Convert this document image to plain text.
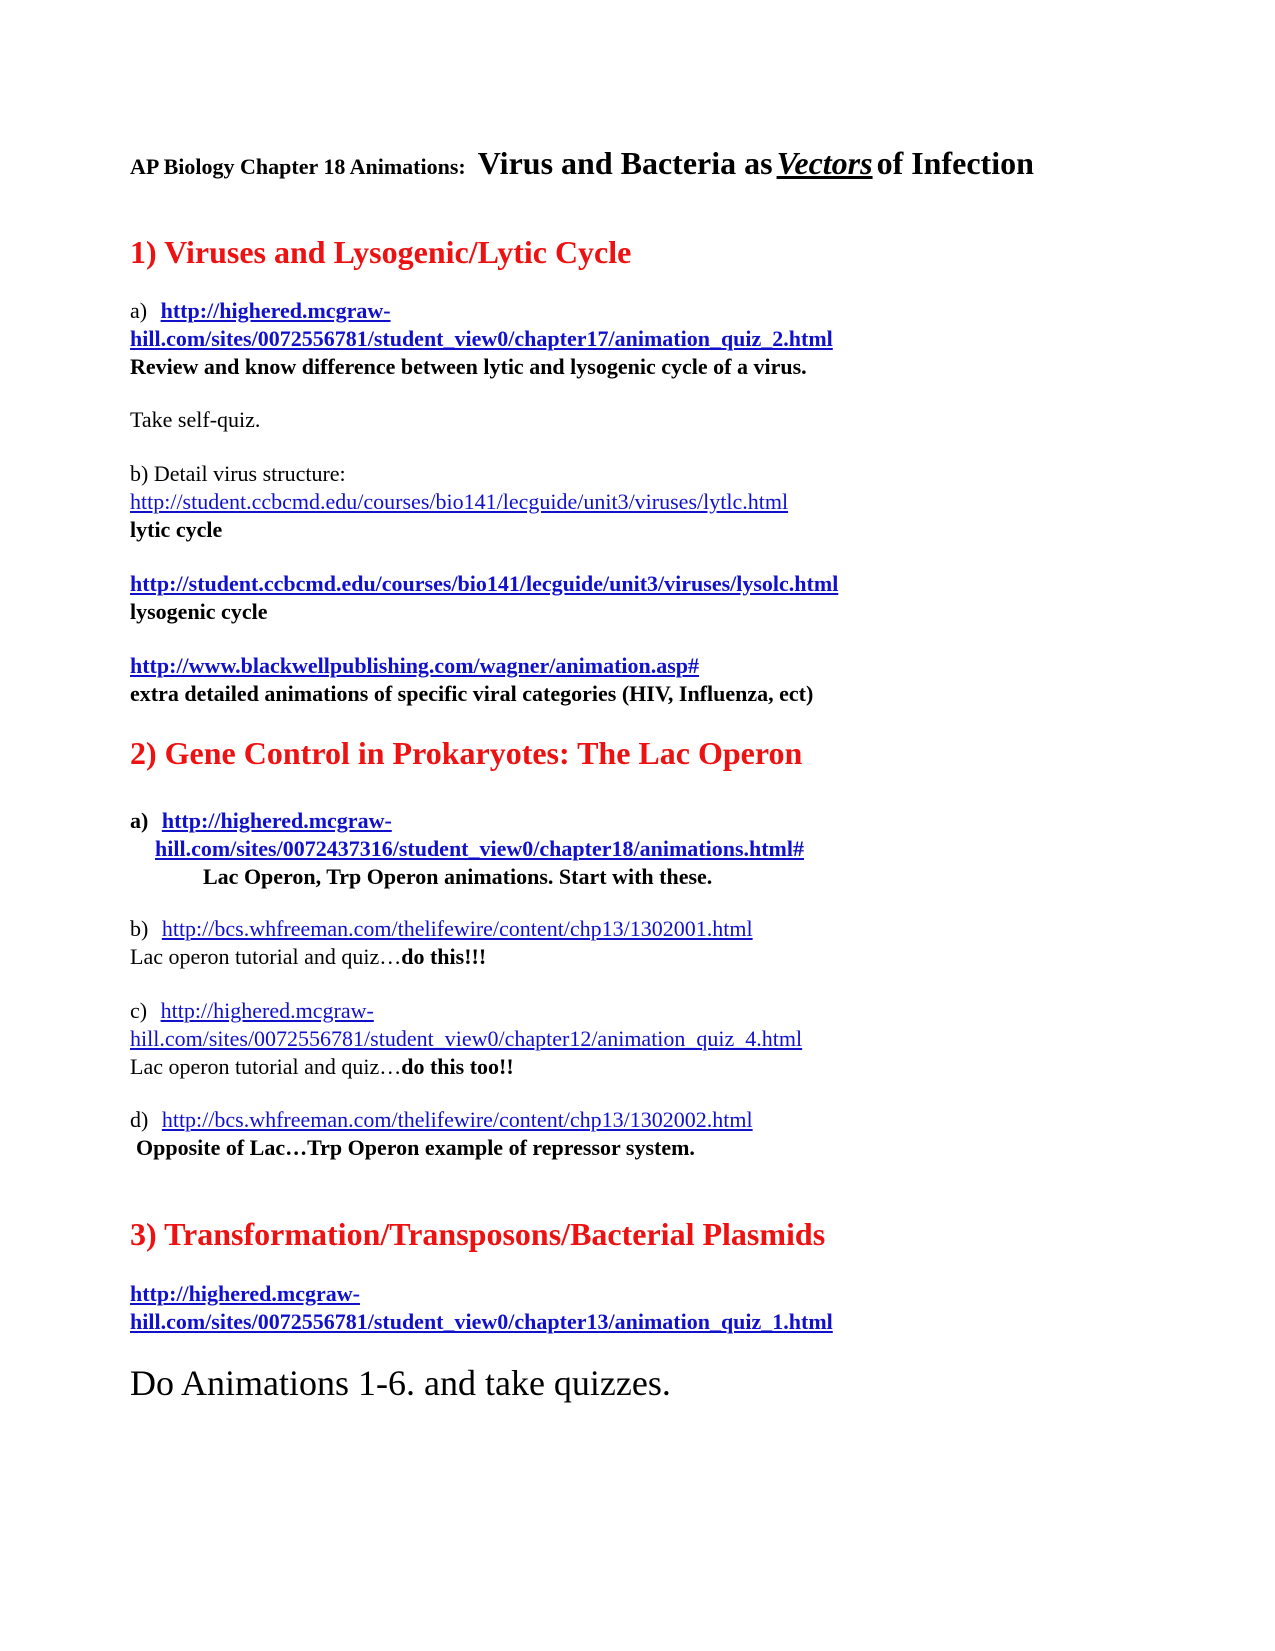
AP Biology Chapter 18 Animations: Virus and Bacteria as Vectors of Infection
1) Viruses and Lysogenic/Lytic Cycle
a) http://highered.mcgraw-
hill.com/sites/0072556781/student_view0/chapter17/animation_quiz_2.html
Review and know difference between lytic and lysogenic cycle of a virus.
Take self-quiz.
b) Detail virus structure:
http://student.ccbcmd.edu/courses/bio141/lecguide/unit3/viruses/lytlc.html
lytic cycle
http://student.ccbcmd.edu/courses/bio141/lecguide/unit3/viruses/lysolc.html
lysogenic cycle
http://www.blackwellpublishing.com/wagner/animation.asp#
extra detailed animations of specific viral categories (HIV, Influenza, ect)
2) Gene Control in Prokaryotes: The Lac Operon
a) http://highered.mcgraw-
hill.com/sites/0072437316/student_view0/chapter18/animations.html#
Lac Operon, Trp Operon animations. Start with these.
b) http://bcs.whfreeman.com/thelifewire/content/chp13/1302001.html
Lac operon tutorial and quiz…do this!!!
c) http://highered.mcgraw-
hill.com/sites/0072556781/student_view0/chapter12/animation_quiz_4.html
Lac operon tutorial and quiz…do this too!!
d) http://bcs.whfreeman.com/thelifewire/content/chp13/1302002.html
Opposite of Lac…Trp Operon example of repressor system.
3) Transformation/Transposons/Bacterial Plasmids
http://highered.mcgraw-
hill.com/sites/0072556781/student_view0/chapter13/animation_quiz_1.html
Do Animations 1-6. and take quizzes.
